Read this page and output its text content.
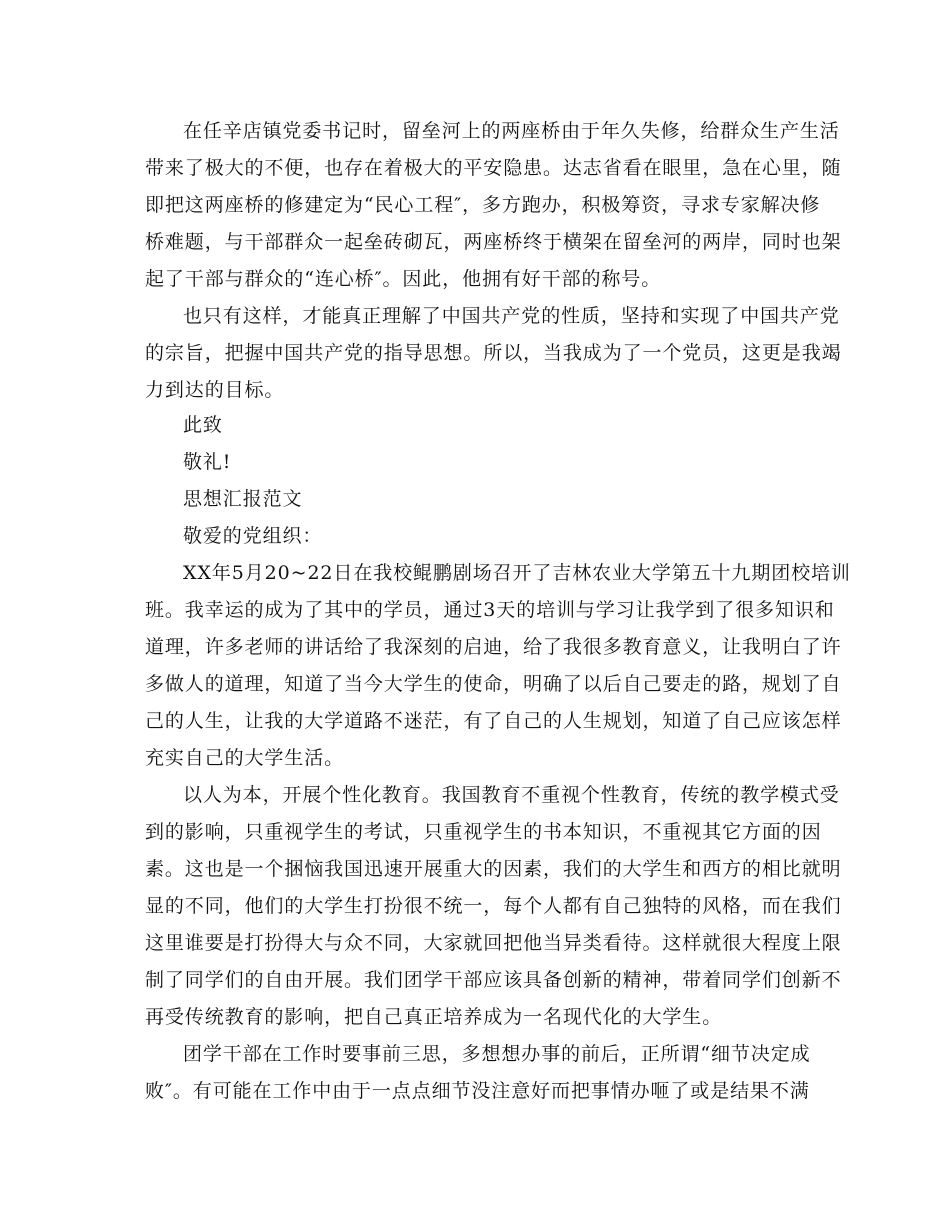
在任辛店镇党委书记时，留垒河上的两座桥由于年久失修，给群众生产生活
带来了极大的不便，也存在着极大的平安隐患。达志省看在眼里，急在心里，随
即把这两座桥的修建定为“民心工程″，多方跑办，积极筹资，寻求专家解决修
桥难题，与干部群众一起垒砖砌瓦，两座桥终于横架在留垒河的两岸，同时也架
起了干部与群众的“连心桥″。因此，他拥有好干部的称号。
也只有这样，才能真正理解了中国共产党的性质，坚持和实现了中国共产党
的宗旨，把握中国共产党的指导思想。所以，当我成为了一个党员，这更是我竭
力到达的目标。
此致
敬礼!
思想汇报范文
敬爱的党组织：
XX年5月20~22日在我校鲲鹏剧场召开了吉林农业大学第五十九期团校培训
班。我幸运的成为了其中的学员，通过3天的培训与学习让我学到了很多知识和
道理，许多老师的讲话给了我深刻的启迪，给了我很多教育意义，让我明白了许
多做人的道理，知道了当今大学生的使命，明确了以后自己要走的路，规划了自
己的人生，让我的大学道路不迷茫，有了自己的人生规划，知道了自己应该怎样
充实自己的大学生活。
以人为本，开展个性化教育。我国教育不重视个性教育，传统的教学模式受
到的影响，只重视学生的考试，只重视学生的书本知识，不重视其它方面的因
素。这也是一个捆恼我国迅速开展重大的因素，我们的大学生和西方的相比就明
显的不同，他们的大学生打扮很不统一，每个人都有自己独特的风格，而在我们
这里谁要是打扮得大与众不同，大家就回把他当异类看待。这样就很大程度上限
制了同学们的自由开展。我们团学干部应该具备创新的精神，带着同学们创新不
再受传统教育的影响，把自己真正培养成为一名现代化的大学生。
团学干部在工作时要事前三思，多想想办事的前后，正所谓“细节决定成
败″。有可能在工作中由于一点点细节没注意好而把事情办咂了或是结果不满
